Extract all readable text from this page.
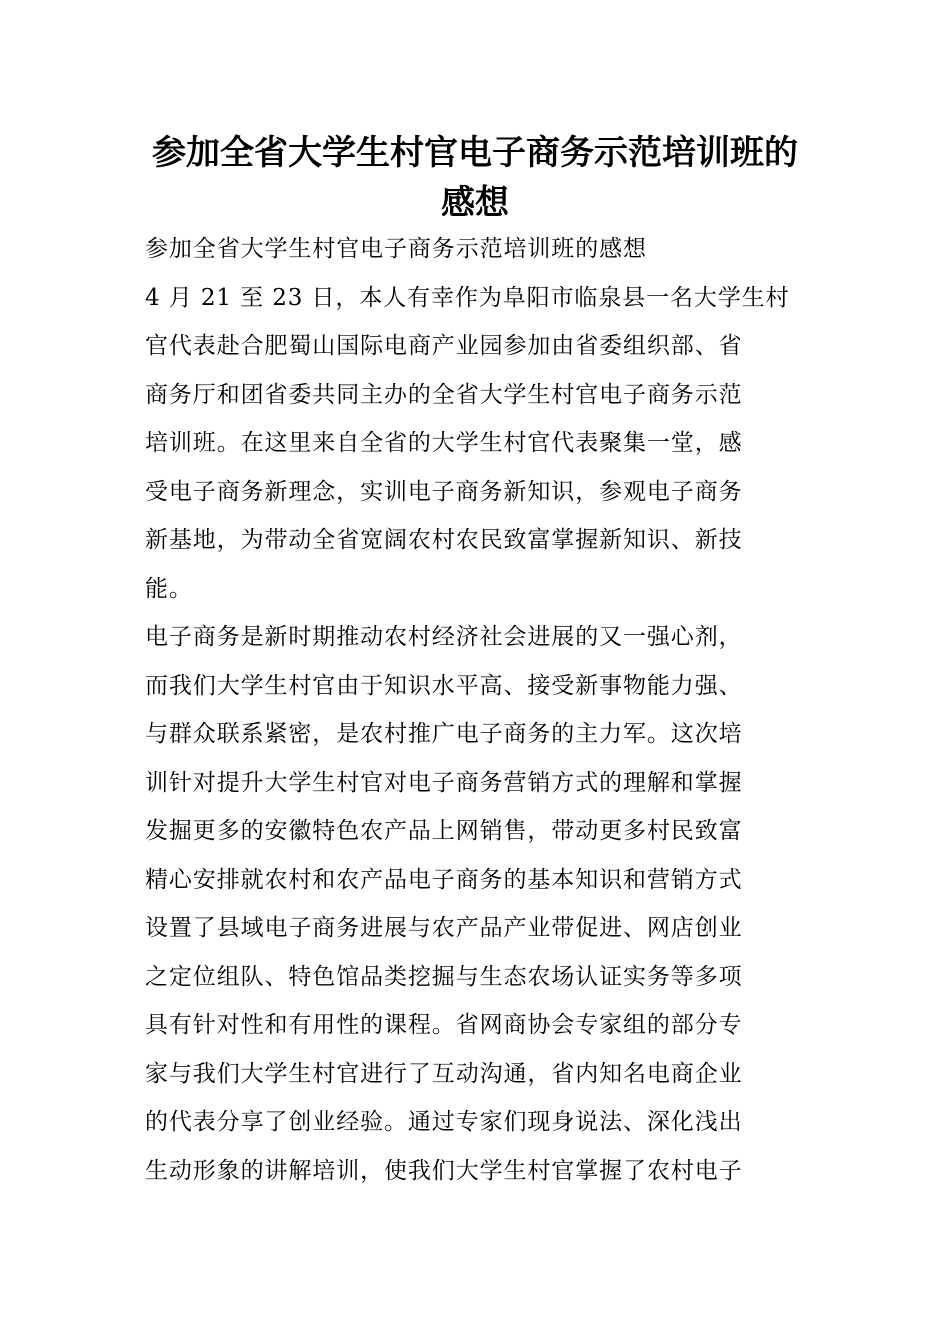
参加全省大学生村官电子商务示范培训班的感想

参加全省大学生村官电子商务示范培训班的感想

4 月 21 至 23 日，本人有幸作为阜阳市临泉县一名大学生村
官代表赴合肥蜀山国际电商产业园参加由省委组织部、省
商务厅和团省委共同主办的全省大学生村官电子商务示范
培训班。在这里来自全省的大学生村官代表聚集一堂，感
受电子商务新理念，实训电子商务新知识，参观电子商务
新基地，为带动全省宽阔农村农民致富掌握新知识、新技
能。

电子商务是新时期推动农村经济社会进展的又一强心剂，
而我们大学生村官由于知识水平高、接受新事物能力强、
与群众联系紧密，是农村推广电子商务的主力军。这次培
训针对提升大学生村官对电子商务营销方式的理解和掌握
发掘更多的安徽特色农产品上网销售，带动更多村民致富
精心安排就农村和农产品电子商务的基本知识和营销方式
设置了县域电子商务进展与农产品产业带促进、网店创业
之定位组队、特色馆品类挖掘与生态农场认证实务等多项
具有针对性和有用性的课程。省网商协会专家组的部分专
家与我们大学生村官进行了互动沟通，省内知名电商企业
的代表分享了创业经验。通过专家们现身说法、深化浅出
生动形象的讲解培训，使我们大学生村官掌握了农村电子
